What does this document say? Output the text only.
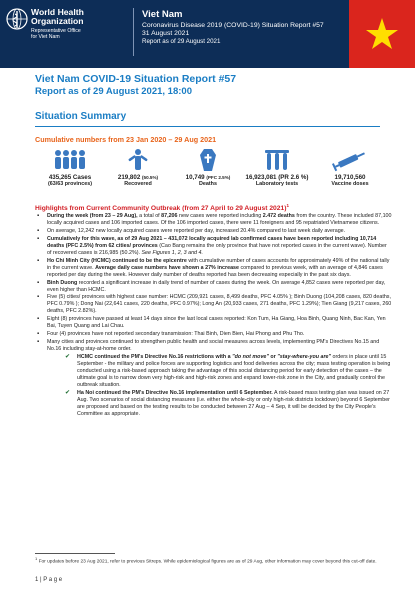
World Health
Organization
Representative Office
for Viet Nam
Viet Nam
Coronavirus Disease 2019 (COVID-19) Situation Report #57
31 August 2021
Report as of 29 August 2021
Viet Nam COVID-19 Situation Report #57
Report as of 29 August 2021, 18:00
Situation Summary
Cumulative numbers from 23 Jan 2020 – 29 Aug 2021
435,265 Cases
(63/63 provinces)
219,802 (50.5%)
Recovered
10,749 (PFC 2.5%)
Deaths
16,923,081 (PR 2.6 %)
Laboratory tests
19,710,560
Vaccine doses
Highlights from Current Community Outbreak (from 27 April to 29 August 2021)$^1$
▪ During the week (from 23 – 29 Aug), a total of 87,206 new cases were reported including 2.472 deaths from the country. These included 87,100 locally acquired cases and 106 imported cases. Of the 106 imported cases, there were 11 foreigners and 95 repatriated Vietnamese citizens.
▪ On average, 12,242 new locally acquired cases were reported per day, increased 20.4% compared to last week daily average.
▪ Cumulatively for this wave, as of 29 Aug 2021 – 431,072 locally acquired lab confirmed cases have been reported including 10,714 deaths (PFC 2.5%) from 62 cities/ provinces (Cao Bang remains the only province that have not reported cases in the current wave). Number of recovered cases is 216,985 (50.2%). See Figures 1, 2, 3 and 4.
▪ Ho Chi Minh City (HCMC) continued to be the epicentre with cumulative number of cases accounts for approximately 49% of the national tally in the current wave. Average daily case numbers have shown a 27% increase compared to previous week, with an average of 4,846 cases reported per day during the week. However daily number of deaths reported has been decreasing especially in the past six days.
▪ Binh Duong recorded a significant increase in daily trend of number of cases during the week. On average 4,852 cases were reported per day, even higher than HCMC.
▪ Five (5) cities/ provinces with highest case number: HCMC (209,921 cases, 8,499 deaths, PFC 4.05% ); Binh Duong (104,208 cases, 820 deaths, PFC 0.79% ); Dong Nai (22,641 cases, 220 deaths, PFC 0.97%); Long An (20,933 cases, 271 deaths, PFC 1.29%); Tien Giang (9,217 cases, 260 deaths, PFC 2.82%).
▪ Eight (8) provinces have passed at least 14 days since the last local cases reported: Kon Tum, Ha Giang, Hoa Binh, Quang Ninh, Bac Kan, Yen Bai, Tuyen Quang and Lai Chau.
▪ Four (4) provinces have not reported secondary transmission: Thai Binh, Dien Bien, Hai Phong and Phu Tho.
▪ Many cities and provinces continued to strengthen public health and social measures across levels, implementing PM's Directives No.15 and No.16 including stay-at-home order.
✔ HCMC continued the PM's Directive No.16 restrictions with a "do not move" or "stay-where-you are" orders in place until 15 September - the military and police forces are supporting logistics and food deliveries across the city; mass testing operation is being conducted using a risk-based approach taking the advantage of this social distancing period for early detection of the cases – the ultimate goal is to narrow down very high-risk and high-risk zones and expand lower-risk zone in the City, and gradually control the outbreak situation.
✔ Ha Noi continued the PM's Directive No.16 implementation until 6 September. A risk-based mass testing plan was issued on 27 Aug. Two scenarios of social distancing measures (i.e. either the whole-city or only high-risk districts lockdown) beyond 6 September are proposed and based on the testing results to be conducted between 27 Aug – 4 Sep, it will be decided by the City People's Committee as appropriate.
$^1$ For updates before 23 Aug 2021, refer to previous Sitreps. While epidemiological figures are as of 29 Aug, other information may cover beyond this cut-off date.
1 | P a g e
